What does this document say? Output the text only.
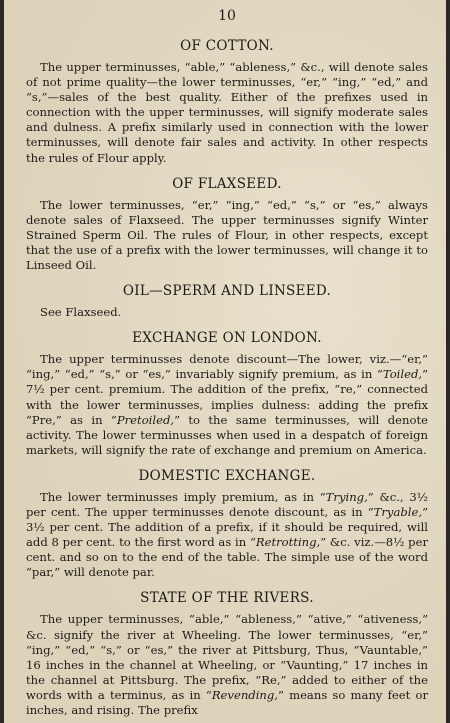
10
OF COTTON.

The upper terminusses, “able,” “ableness,” &c., will denote sales of not prime quality—the lower terminusses, “er,” “ing,” “ed,” and “s,”—sales of the best quality. Either of the prefixes used in connection with the upper terminusses, will signify moderate sales and dulness. A prefix similarly used in connection with the lower terminusses, will denote fair sales and activity. In other respects the rules of Flour apply.

OF FLAXSEED.

The lower terminusses, “er,” “ing,” “ed,” “s,” or “es,” always denote sales of Flaxseed. The upper terminusses signify Winter Strained Sperm Oil. The rules of Flour, in other respects, except that the use of a prefix with the lower terminusses, will change it to Linseed Oil.

OIL—SPERM AND LINSEED.

See Flaxseed.

EXCHANGE ON LONDON.

The upper terminusses denote discount—The lower, viz.—“er,” “ing,” “ed,” “s,” or “es,” invariably signify premium, as in “Toiled,” 7½ per cent. premium. The addition of the prefix, “re,” connected with the lower terminusses, implies dulness: adding the prefix “Pre,” as in “Pretoiled,” to the same terminusses, will denote activity. The lower terminusses when used in a despatch of foreign markets, will signify the rate of exchange and premium on America.

DOMESTIC EXCHANGE.

The lower terminusses imply premium, as in “Trying,” &c., 3½ per cent. The upper terminusses denote discount, as in “Tryable,” 3½ per cent. The addition of a prefix, if it should be required, will add 8 per cent. to the first word as in “Retrotting,” &c. viz.—8½ per cent. and so on to the end of the table. The simple use of the word “par,” will denote par.

STATE OF THE RIVERS.

The upper terminusses, “able,” “ableness,” “ative,” “ativeness,” &c. signify the river at Wheeling. The lower terminusses, “er,” “ing,” “ed,” “s,” or “es,” the river at Pittsburg, Thus, “Vauntable,” 16 inches in the channel at Wheeling, or “Vaunting,” 17 inches in the channel at Pittsburg. The prefix, “Re,” added to either of the words with a terminus, as in “Revending,” means so many feet or inches, and rising. The prefix
